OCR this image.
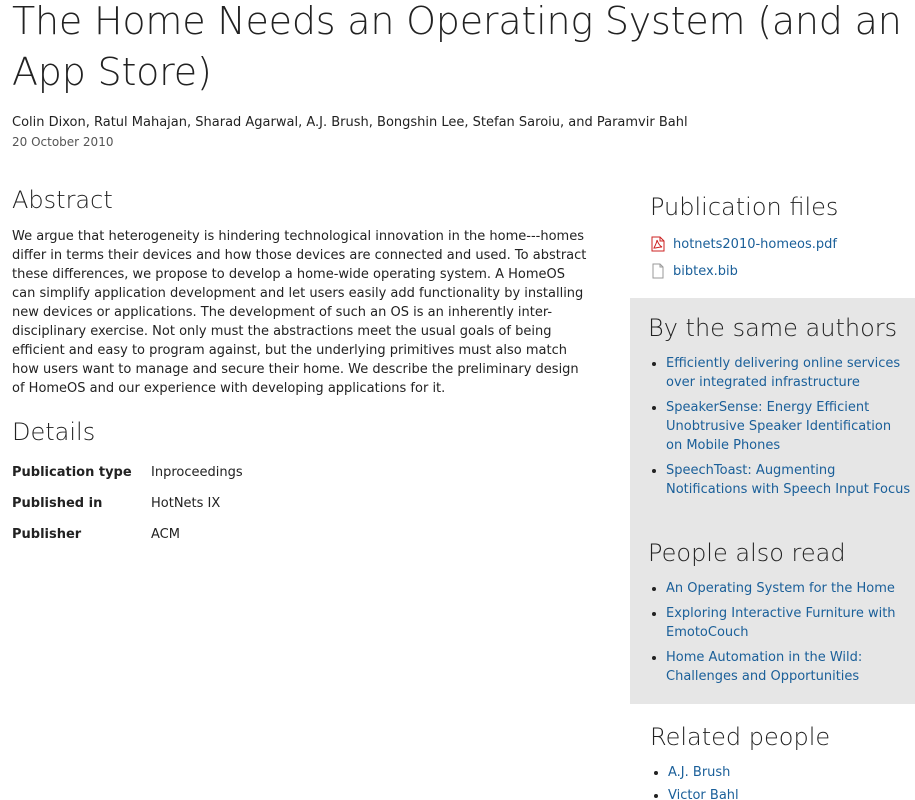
The Home Needs an Operating System (and an App Store)
Colin Dixon, Ratul Mahajan, Sharad Agarwal, A.J. Brush, Bongshin Lee, Stefan Saroiu, and Paramvir Bahl
20 October 2010
Abstract

We argue that heterogeneity is hindering technological innovation in the home---homes differ in terms their devices and how those devices are connected and used. To abstract these differences, we propose to develop a home-wide operating system. A HomeOS can simplify application development and let users easily add functionality by installing new devices or applications. The development of such an OS is an inherently inter-disciplinary exercise. Not only must the abstractions meet the usual goals of being efficient and easy to program against, but the underlying primitives must also match how users want to manage and secure their home. We describe the preliminary design of HomeOS and our experience with developing applications for it.

Details
Publication type	Inproceedings
Published in	HotNets IX
Publisher	ACM
Publication files
hotnets2010-homeos.pdf
bibtex.bib
By the same authors
• Efficiently delivering online services over integrated infrastructure
• SpeakerSense: Energy Efficient Unobtrusive Speaker Identification on Mobile Phones
• SpeechToast: Augmenting Notifications with Speech Input Focus
People also read
• An Operating System for the Home
• Exploring Interactive Furniture with EmotoCouch
• Home Automation in the Wild: Challenges and Opportunities
Related people
• A.J. Brush
• Victor Bahl
